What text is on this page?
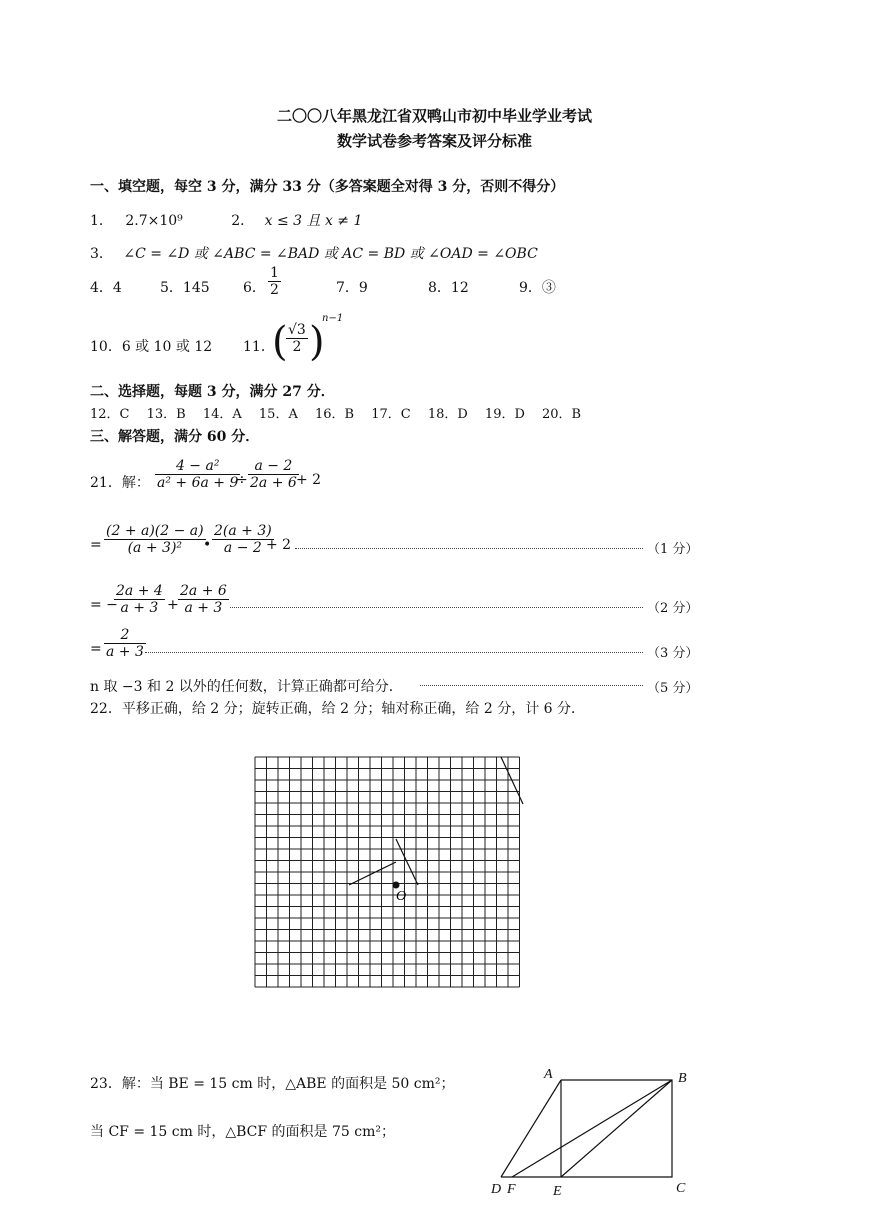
二〇〇八年黑龙江省双鸭山市初中毕业学业考试
数学试卷参考答案及评分标准
一、填空题，每空 3 分，满分 33 分（多答案题全对得 3 分，否则不得分）
1． 2.7×10⁹	2． x ≤ 3 且 x ≠ 1
3． ∠C = ∠D 或 ∠ABC = ∠BAD 或 AC = BD 或 ∠OAD = ∠OBC
4．4	5．145 6． $\frac{1}{2}$	7．9	8．12	9．③
10．6 或 10 或 12 11．
(
$\frac{√3}{2}$ )
n−1
二、选择题，每题 3 分，满分 27 分．
12．C　 13．B　 14．A　 15．A　 16．B　 17．C　 18．D　 19．D　 20．B
三、解答题，满分 60 分．
21．解： $\frac{\text{4 − a²}}{\text{a² + 6a + 9}}$
÷ $\frac{a - 2}{2a + 6}$
+ 2
= $\frac{(2 + a)(2 - a)}{\text{(a + 3)²}}$
• $\frac{2(a + 3)}{a - 2}$
+ 2	（1 分）
= −
$\frac{2a + 4}{a + 3} + \frac{2a + 6}{a + 3}$	（2 分）
= $\frac{2}{a + 3}$	（3 分）
n 取 −3 和 2 以外的任何数，计算正确都可给分．	（5 分）
22．平移正确，给 2 分；旋转正确，给 2 分；轴对称正确，给 2 分，计 6 分．
O
23．解：当 BE = 15 cm 时，△ABE 的面积是 50 cm²；
当 CF = 15 cm 时，△BCF 的面积是 75 cm²；
A	B
C
D F	E
